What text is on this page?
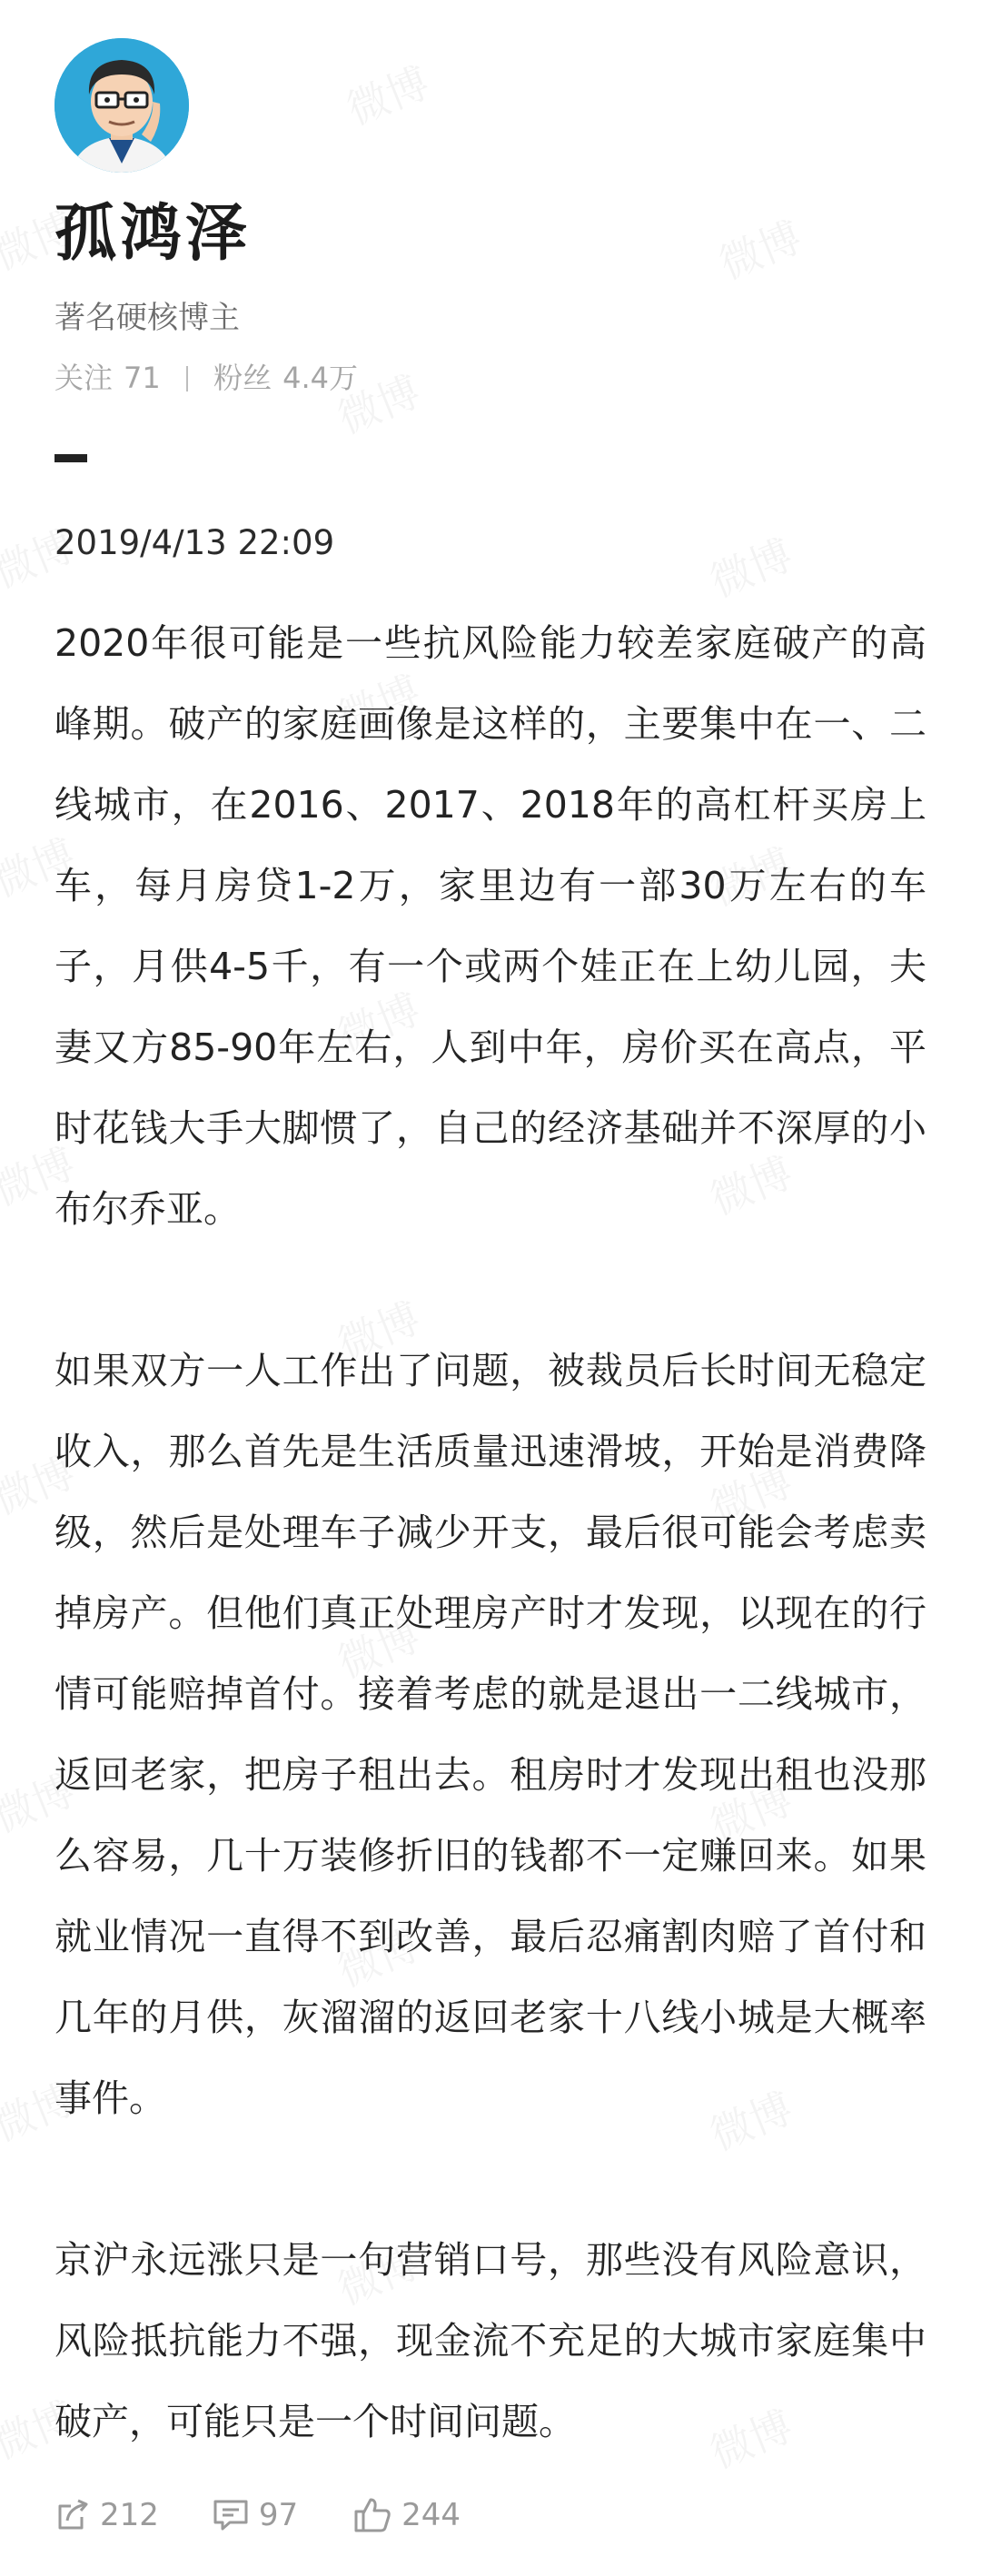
孤鸿泽
著名硬核博主
关注 71 粉丝 4.4万
2019/4/13 22:09

2020年很可能是一些抗风险能力较差家庭破产的高峰期。破产的家庭画像是这样的，主要集中在一、二线城市，在2016、2017、2018年的高杠杆买房上车，每月房贷1-2万，家里边有一部30万左右的车子，月供4-5千，有一个或两个娃正在上幼儿园，夫妻又方85-90年左右，人到中年，房价买在高点，平时花钱大手大脚惯了，自己的经济基础并不深厚的小布尔乔亚。

如果双方一人工作出了问题，被裁员后长时间无稳定收入，那么首先是生活质量迅速滑坡，开始是消费降级，然后是处理车子减少开支，最后很可能会考虑卖掉房产。但他们真正处理房产时才发现，以现在的行情可能赔掉首付。接着考虑的就是退出一二线城市，返回老家，把房子租出去。租房时才发现出租也没那么容易，几十万装修折旧的钱都不一定赚回来。如果就业情况一直得不到改善，最后忍痛割肉赔了首付和几年的月供，灰溜溜的返回老家十八线小城是大概率事件。

京沪永远涨只是一句营销口号，那些没有风险意识，风险抵抗能力不强，现金流不充足的大城市家庭集中破产，可能只是一个时间问题。

212	97	244
